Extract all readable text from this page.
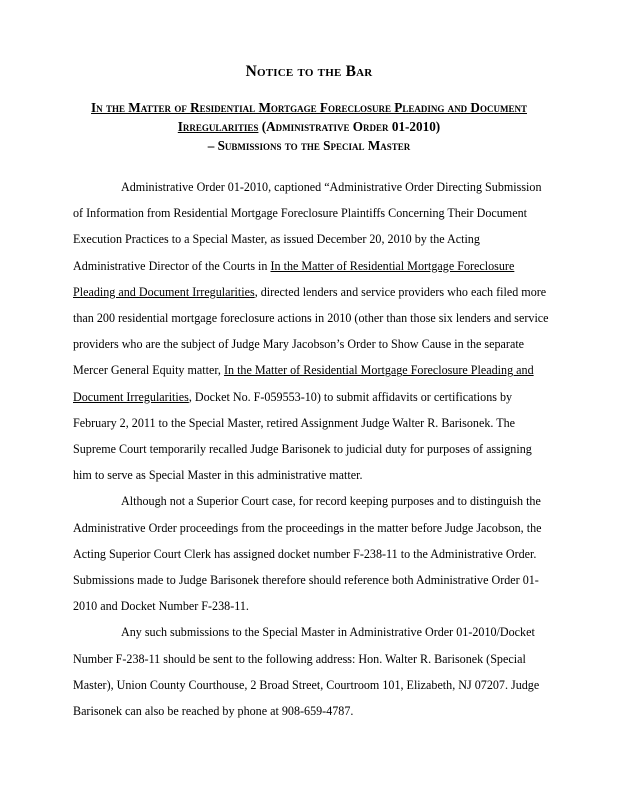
Notice to the Bar
In the Matter of Residential Mortgage Foreclosure Pleading and Document Irregularities (Administrative Order 01-2010)
– Submissions to the Special Master

Administrative Order 01-2010, captioned “Administrative Order Directing Submission of Information from Residential Mortgage Foreclosure Plaintiffs Concerning Their Document Execution Practices to a Special Master, as issued December 20, 2010 by the Acting Administrative Director of the Courts in In the Matter of Residential Mortgage Foreclosure Pleading and Document Irregularities, directed lenders and service providers who each filed more than 200 residential mortgage foreclosure actions in 2010 (other than those six lenders and service providers who are the subject of Judge Mary Jacobson’s Order to Show Cause in the separate Mercer General Equity matter, In the Matter of Residential Mortgage Foreclosure Pleading and Document Irregularities, Docket No. F-059553-10) to submit affidavits or certifications by February 2, 2011 to the Special Master, retired Assignment Judge Walter R. Barisonek. The Supreme Court temporarily recalled Judge Barisonek to judicial duty for purposes of assigning him to serve as Special Master in this administrative matter.

Although not a Superior Court case, for record keeping purposes and to distinguish the Administrative Order proceedings from the proceedings in the matter before Judge Jacobson, the Acting Superior Court Clerk has assigned docket number F-238-11 to the Administrative Order. Submissions made to Judge Barisonek therefore should reference both Administrative Order 01-2010 and Docket Number F-238-11.

Any such submissions to the Special Master in Administrative Order 01-2010/Docket Number F-238-11 should be sent to the following address: Hon. Walter R. Barisonek (Special Master), Union County Courthouse, 2 Broad Street, Courtroom 101, Elizabeth, NJ 07207. Judge Barisonek can also be reached by phone at 908-659-4787.
